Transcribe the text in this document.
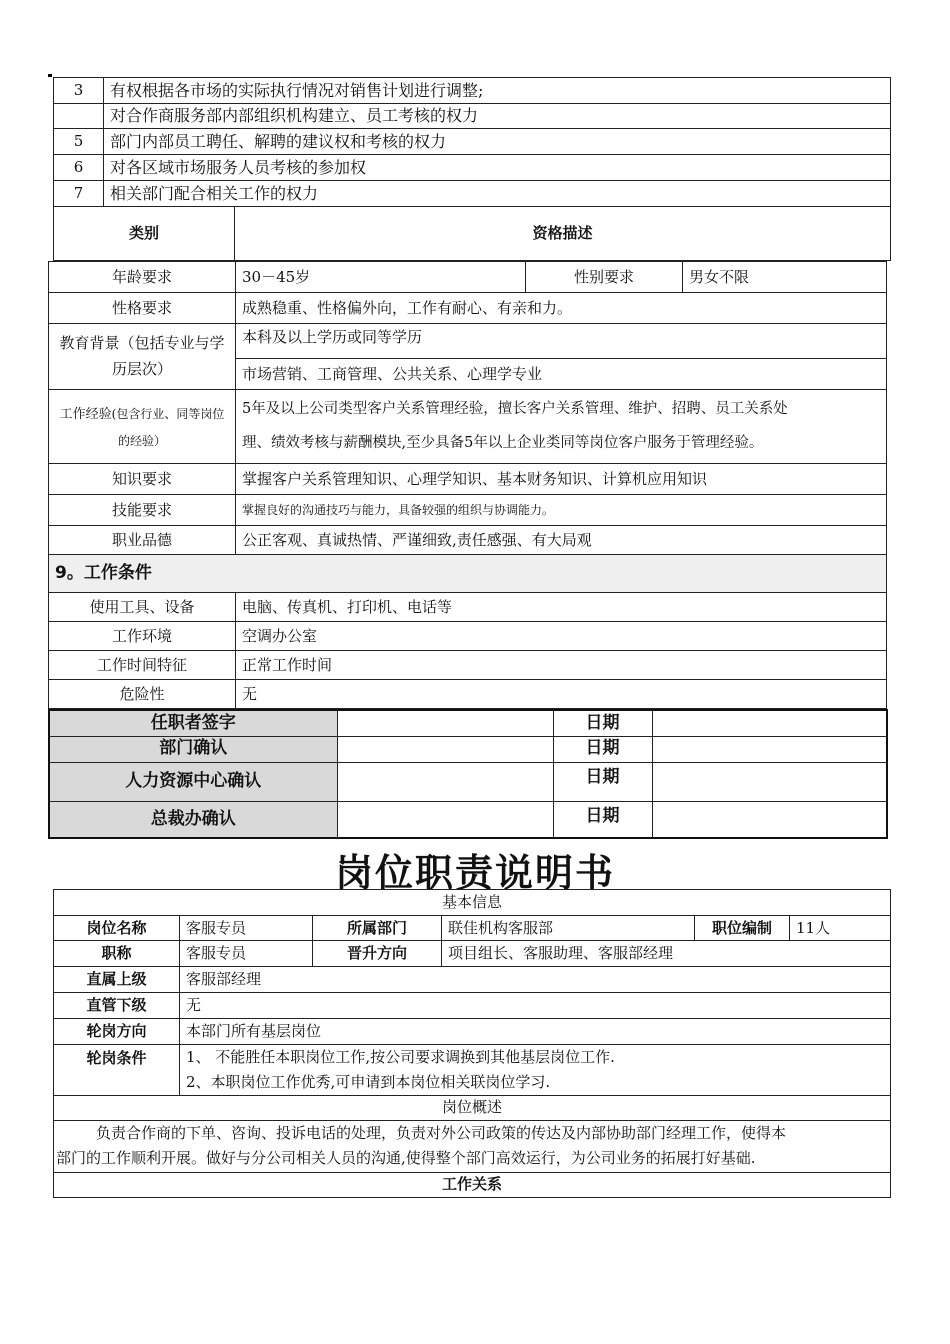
3	有权根据各市场的实际执行情况对销售计划进行调整;
	对合作商服务部内部组织机构建立、员工考核的权力
5	部门内部员工聘任、解聘的建议权和考核的权力
6	对各区域市场服务人员考核的参加权
7	相关部门配合相关工作的权力
类别	资格描述
年龄要求	30－45岁	性别要求	男女不限
性格要求	成熟稳重、性格偏外向，工作有耐心、有亲和力。		
教育背景（包括专业与学历层次）	本科及以上学历或同等学历		
	市场营销、工商管理、公共关系、心理学专业		
工作经验(包含行业、同等岗位的经验）	5年及以上公司类型客户关系管理经验，擅长客户关系管理、维护、招聘、员工关系处
理、绩效考核与薪酬模块,至少具备5年以上企业类同等岗位客户服务于管理经验。		

知识要求	掌握客户关系管理知识、心理学知识、基本财务知识、计算机应用知识		
技能要求	掌握良好的沟通技巧与能力，具备较强的组织与协调能力。		
职业品德	公正客观、真诚热情、严谨细致,责任感强、有大局观		
9。工作条件			
使用工具、设备	电脑、传真机、打印机、电话等		
工作环境	空调办公室		
工作时间特征	正常工作时间		
危险性	无		
任职者签字		日期	
部门确认		日期	
人力资源中心确认		日期	
总裁办确认		日期	
岗位职责说明书
基本信息					
岗位名称	客服专员	所属部门	联佳机构客服部	职位编制	11人
职称	客服专员	晋升方向	项目组长、客服助理、客服部经理		
直属上级	客服部经理				
直管下级	无				
轮岗方向	本部门所有基层岗位				
轮岗条件	1、 不能胜任本职岗位工作,按公司要求调换到其他基层岗位工作.
2、本职岗位工作优秀,可申请到本岗位相关联岗位学习.				

岗位概述					

负责合作商的下单、咨询、投诉电话的处理，负责对外公司政策的传达及内部协助部门经理工作，使得本
部门的工作顺利开展。做好与分公司相关人员的沟通,使得整个部门高效运行，为公司业务的拓展打好基础.					

工作关系					
